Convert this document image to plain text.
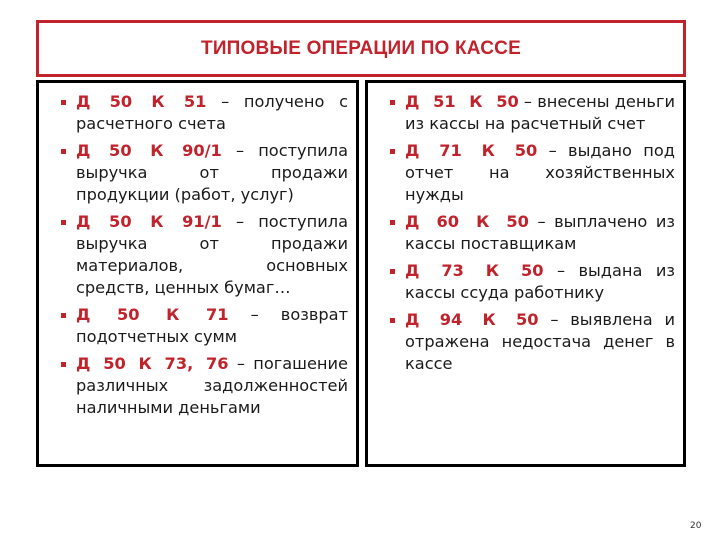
ТИПОВЫЕ ОПЕРАЦИИ ПО КАССЕ
Д 50 К 51 – получено с расчетного счета
Д 50 К 90/1 – поступила выручка от продажи продукции (работ, услуг)
Д 50 К 91/1 – поступила выручка от продажи материалов, основных средств, ценных бумаг…
Д 50 К 71 – возврат подотчетных сумм
Д 50 К 73, 76 – погашение различных задолженностей наличными деньгами
Д 51 К 50 – внесены деньги из кассы на расчетный счет
Д 71 К 50 – выдано под отчет на хозяйственных нужды
Д 60 К 50 – выплачено из кассы поставщикам
Д 73 К 50 – выдана из кассы ссуда работнику
Д 94 К 50 – выявлена и отражена недостача денег в кассе
20
